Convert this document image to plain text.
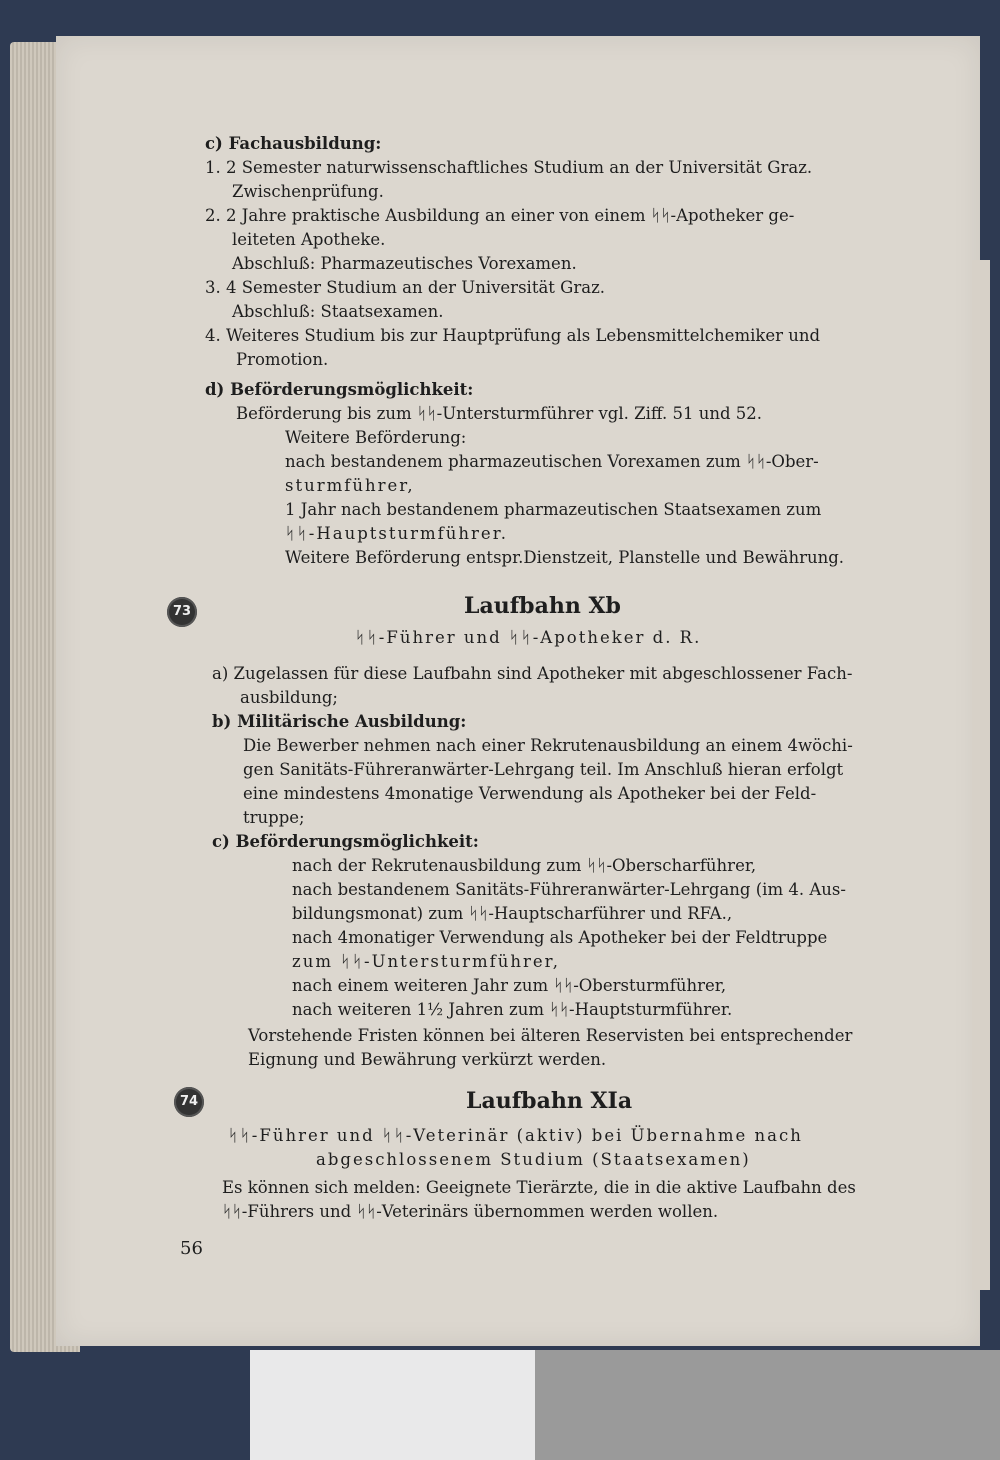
73	Laufbahn Xb
74	Laufbahn XIa
56
c) Fachausbildung:
1. 2 Semester naturwissenschaftliches Studium an der Universität Graz.
Zwischenprüfung.
2. 2 Jahre praktische Ausbildung an einer von einem ᛋᛋ-Apotheker ge-
leiteten Apotheke.
Abschluß: Pharmazeutisches Vorexamen.
3. 4 Semester Studium an der Universität Graz.
Abschluß: Staatsexamen.
4. Weiteres Studium bis zur Hauptprüfung als Lebensmittelchemiker und
Promotion.
d) Beförderungsmöglichkeit:
Beförderung bis zum ᛋᛋ-Untersturmführer vgl. Ziff. 51 und 52.
Weitere Beförderung:
nach bestandenem pharmazeutischen Vorexamen zum ᛋᛋ-Ober-
sturmführer,
1 Jahr nach bestandenem pharmazeutischen Staatsexamen zum
ᛋᛋ-Hauptsturmführer.
Weitere Beförderung entspr.Dienstzeit, Planstelle und Bewährung.
ᛋᛋ-Führer und ᛋᛋ-Apotheker d. R.
a) Zugelassen für diese Laufbahn sind Apotheker mit abgeschlossener Fach-
ausbildung;
b) Militärische Ausbildung:
Die Bewerber nehmen nach einer Rekrutenausbildung an einem 4wöchi-
gen Sanitäts-Führeranwärter-Lehrgang teil. Im Anschluß hieran erfolgt
eine mindestens 4monatige Verwendung als Apotheker bei der Feld-
truppe;
c) Beförderungsmöglichkeit:
nach der Rekrutenausbildung zum ᛋᛋ-Oberscharführer,
nach bestandenem Sanitäts-Führeranwärter-Lehrgang (im 4. Aus-
bildungsmonat) zum ᛋᛋ-Hauptscharführer und RFA.,
nach 4monatiger Verwendung als Apotheker bei der Feldtruppe
zum ᛋᛋ-Untersturmführer,
nach einem weiteren Jahr zum ᛋᛋ-Obersturmführer,
nach weiteren 1½ Jahren zum ᛋᛋ-Hauptsturmführer.
Vorstehende Fristen können bei älteren Reservisten bei entsprechender
Eignung und Bewährung verkürzt werden.
ᛋᛋ-Führer und ᛋᛋ-Veterinär (aktiv) bei Übernahme nach
abgeschlossenem Studium (Staatsexamen)
Es können sich melden: Geeignete Tierärzte, die in die aktive Laufbahn des
ᛋᛋ-Führers und ᛋᛋ-Veterinärs übernommen werden wollen.
